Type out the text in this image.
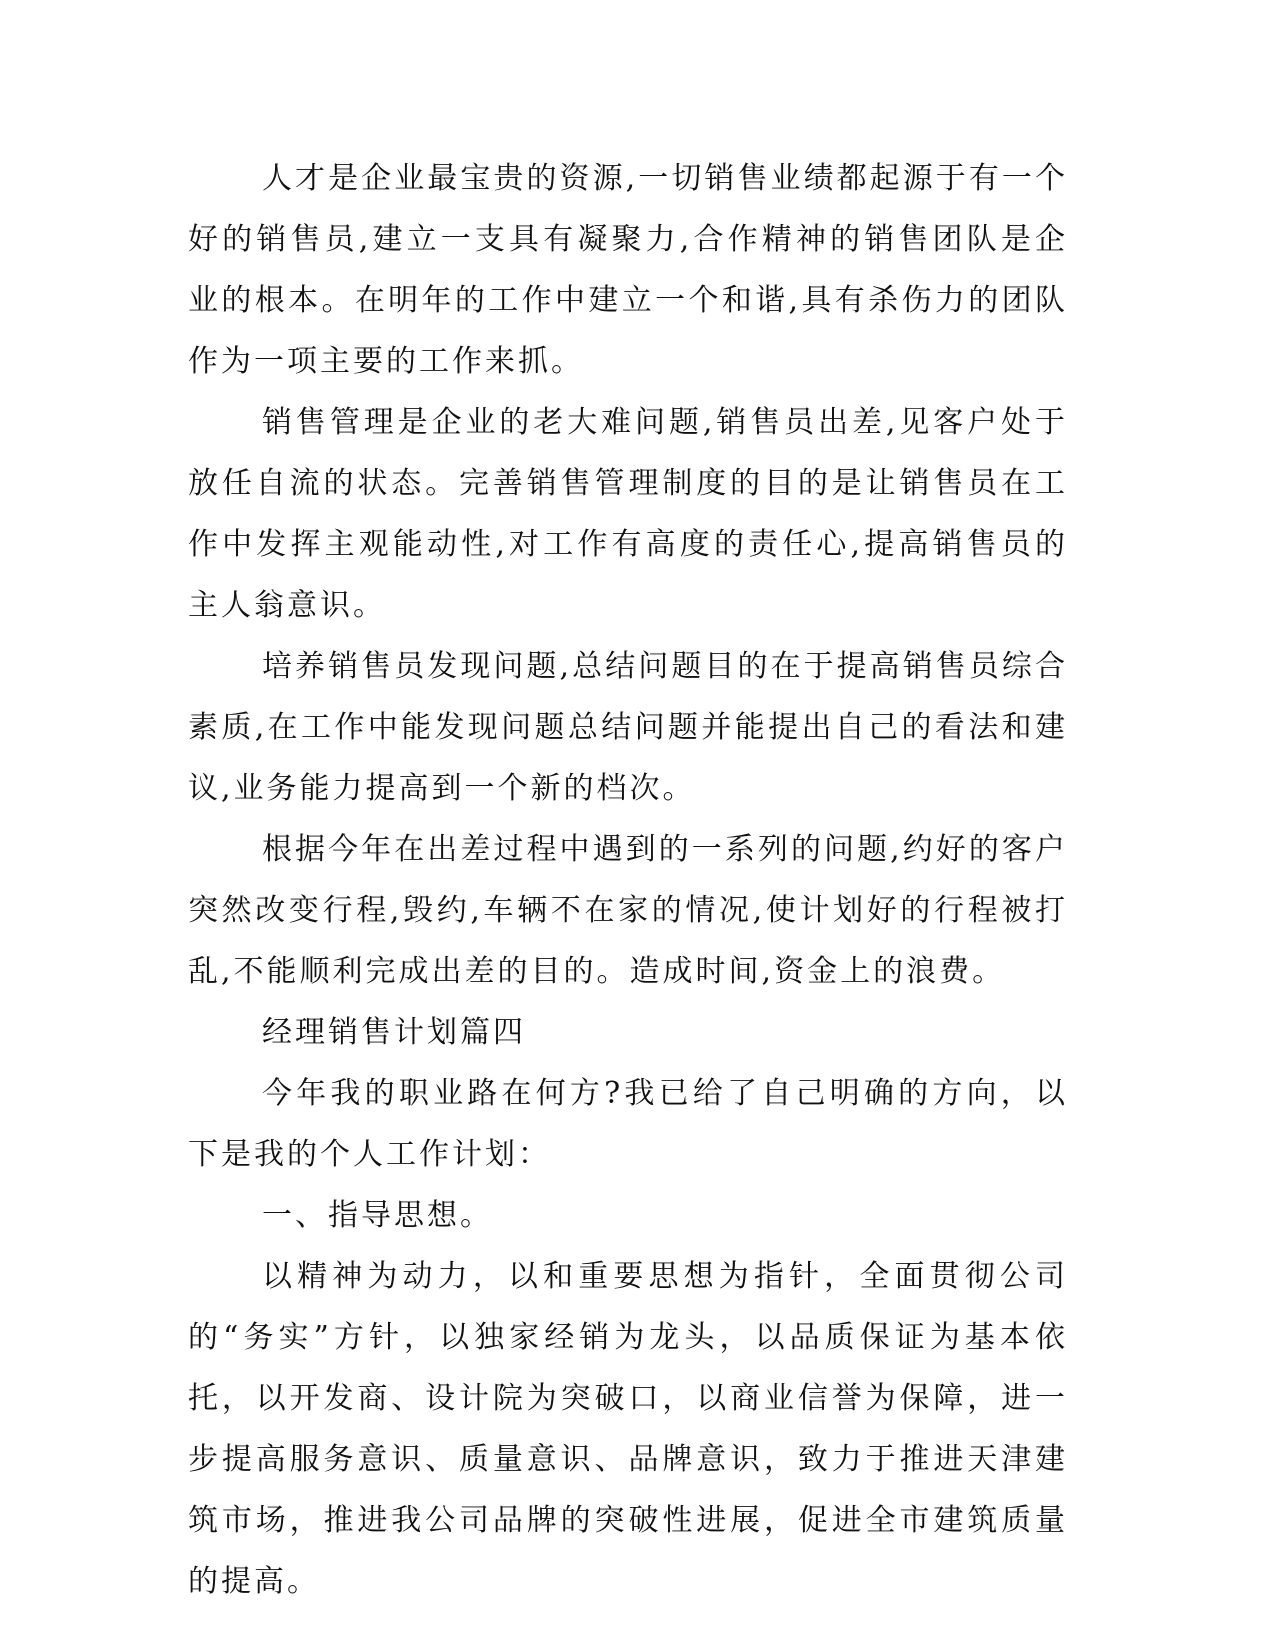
人才是企业最宝贵的资源,一切销售业绩都起源于有一个好的销售员,建立一支具有凝聚力,合作精神的销售团队是企业的根本。在明年的工作中建立一个和谐,具有杀伤力的团队作为一项主要的工作来抓。

销售管理是企业的老大难问题,销售员出差,见客户处于放任自流的状态。完善销售管理制度的目的是让销售员在工作中发挥主观能动性,对工作有高度的责任心,提高销售员的主人翁意识。

培养销售员发现问题,总结问题目的在于提高销售员综合素质,在工作中能发现问题总结问题并能提出自己的看法和建议,业务能力提高到一个新的档次。

根据今年在出差过程中遇到的一系列的问题,约好的客户突然改变行程,毁约,车辆不在家的情况,使计划好的行程被打乱,不能顺利完成出差的目的。造成时间,资金上的浪费。

经理销售计划篇四

今年我的职业路在何方?我已给了自己明确的方向，以下是我的个人工作计划：

一、指导思想。

以精神为动力，以和重要思想为指针，全面贯彻公司的“务实”方针，以独家经销为龙头，以品质保证为基本依托，以开发商、设计院为突破口，以商业信誉为保障，进一步提高服务意识、质量意识、品牌意识，致力于推进天津建筑市场，推进我公司品牌的突破性进展，促进全市建筑质量的提高。
